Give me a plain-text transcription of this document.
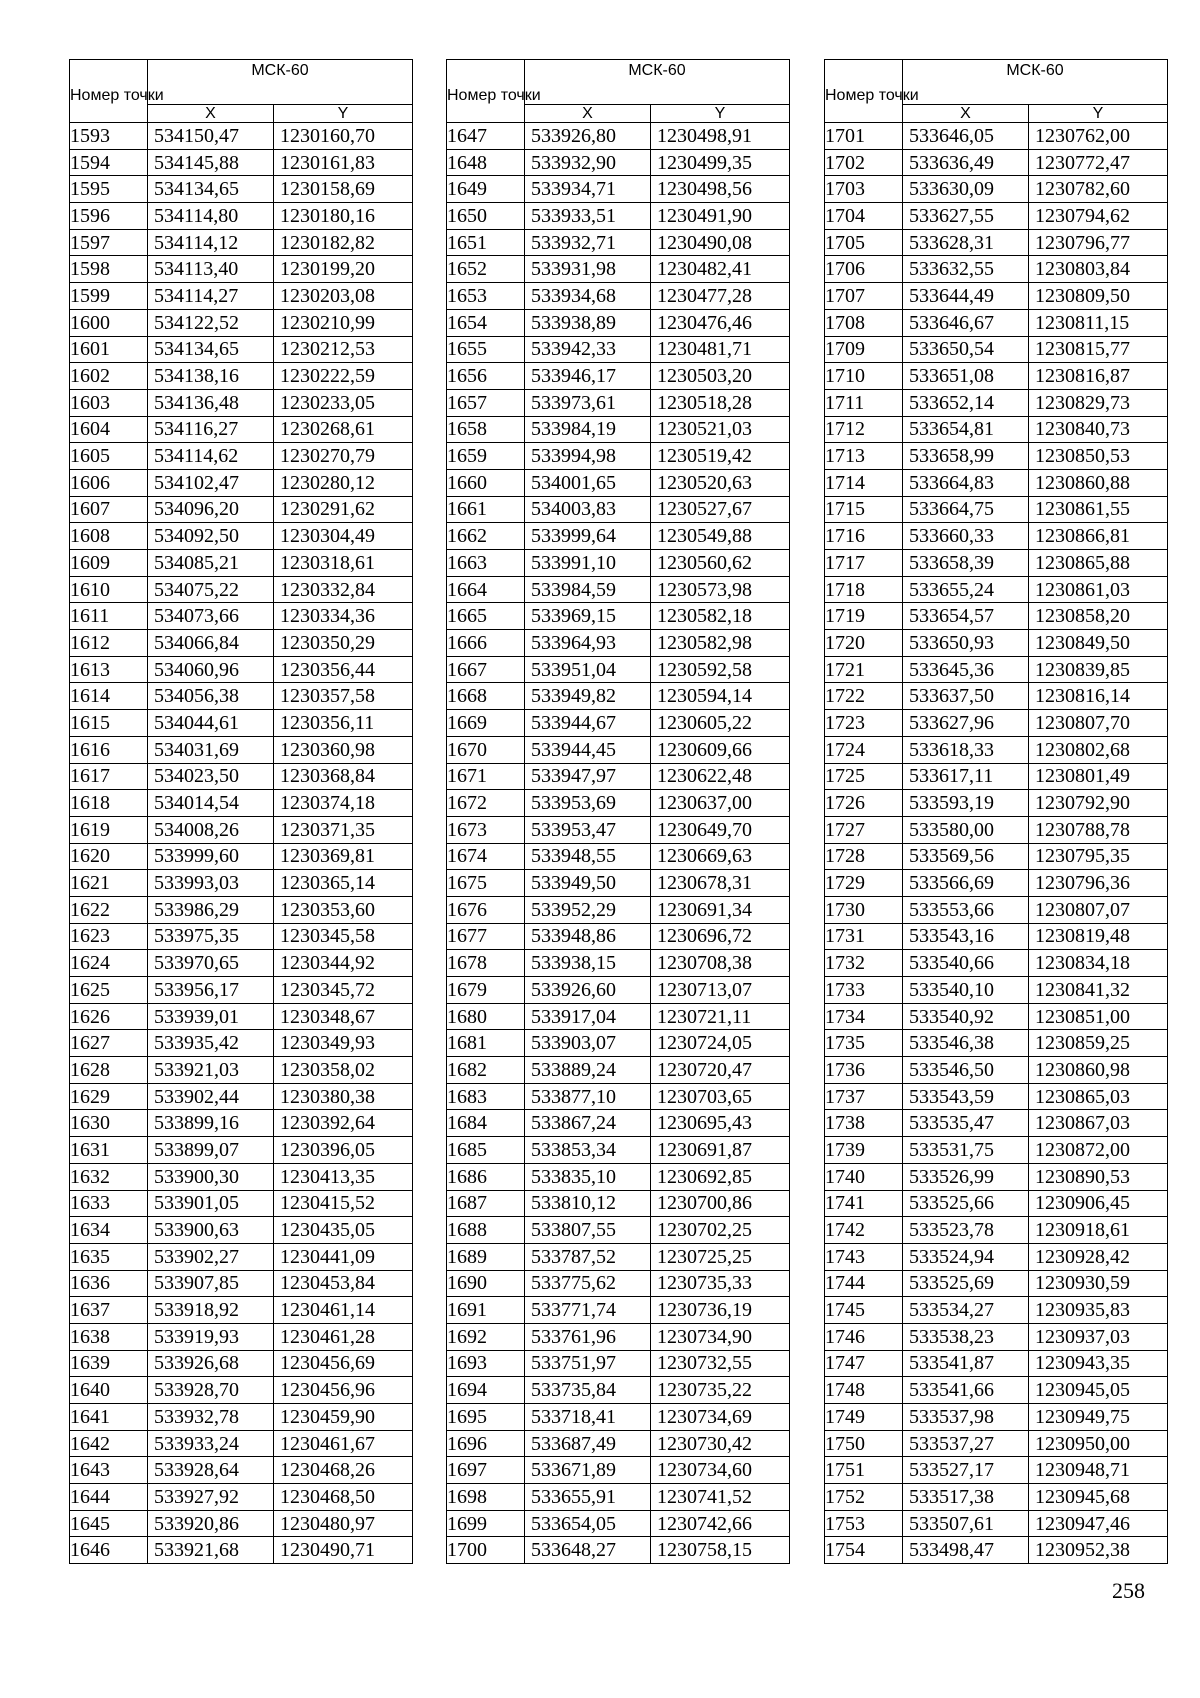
Номер точки	МСК-60	
	X	Y
1593	534150,47	1230160,70
1594	534145,88	1230161,83
1595	534134,65	1230158,69
1596	534114,80	1230180,16
1597	534114,12	1230182,82
1598	534113,40	1230199,20
1599	534114,27	1230203,08
1600	534122,52	1230210,99
1601	534134,65	1230212,53
1602	534138,16	1230222,59
1603	534136,48	1230233,05
1604	534116,27	1230268,61
1605	534114,62	1230270,79
1606	534102,47	1230280,12
1607	534096,20	1230291,62
1608	534092,50	1230304,49
1609	534085,21	1230318,61
1610	534075,22	1230332,84
1611	534073,66	1230334,36
1612	534066,84	1230350,29
1613	534060,96	1230356,44
1614	534056,38	1230357,58
1615	534044,61	1230356,11
1616	534031,69	1230360,98
1617	534023,50	1230368,84
1618	534014,54	1230374,18
1619	534008,26	1230371,35
1620	533999,60	1230369,81
1621	533993,03	1230365,14
1622	533986,29	1230353,60
1623	533975,35	1230345,58
1624	533970,65	1230344,92
1625	533956,17	1230345,72
1626	533939,01	1230348,67
1627	533935,42	1230349,93
1628	533921,03	1230358,02
1629	533902,44	1230380,38
1630	533899,16	1230392,64
1631	533899,07	1230396,05
1632	533900,30	1230413,35
1633	533901,05	1230415,52
1634	533900,63	1230435,05
1635	533902,27	1230441,09
1636	533907,85	1230453,84
1637	533918,92	1230461,14
1638	533919,93	1230461,28
1639	533926,68	1230456,69
1640	533928,70	1230456,96
1641	533932,78	1230459,90
1642	533933,24	1230461,67
1643	533928,64	1230468,26
1644	533927,92	1230468,50
1645	533920,86	1230480,97
1646	533921,68	1230490,71
Номер точки	МСК-60	
	X	Y
1647	533926,80	1230498,91
1648	533932,90	1230499,35
1649	533934,71	1230498,56
1650	533933,51	1230491,90
1651	533932,71	1230490,08
1652	533931,98	1230482,41
1653	533934,68	1230477,28
1654	533938,89	1230476,46
1655	533942,33	1230481,71
1656	533946,17	1230503,20
1657	533973,61	1230518,28
1658	533984,19	1230521,03
1659	533994,98	1230519,42
1660	534001,65	1230520,63
1661	534003,83	1230527,67
1662	533999,64	1230549,88
1663	533991,10	1230560,62
1664	533984,59	1230573,98
1665	533969,15	1230582,18
1666	533964,93	1230582,98
1667	533951,04	1230592,58
1668	533949,82	1230594,14
1669	533944,67	1230605,22
1670	533944,45	1230609,66
1671	533947,97	1230622,48
1672	533953,69	1230637,00
1673	533953,47	1230649,70
1674	533948,55	1230669,63
1675	533949,50	1230678,31
1676	533952,29	1230691,34
1677	533948,86	1230696,72
1678	533938,15	1230708,38
1679	533926,60	1230713,07
1680	533917,04	1230721,11
1681	533903,07	1230724,05
1682	533889,24	1230720,47
1683	533877,10	1230703,65
1684	533867,24	1230695,43
1685	533853,34	1230691,87
1686	533835,10	1230692,85
1687	533810,12	1230700,86
1688	533807,55	1230702,25
1689	533787,52	1230725,25
1690	533775,62	1230735,33
1691	533771,74	1230736,19
1692	533761,96	1230734,90
1693	533751,97	1230732,55
1694	533735,84	1230735,22
1695	533718,41	1230734,69
1696	533687,49	1230730,42
1697	533671,89	1230734,60
1698	533655,91	1230741,52
1699	533654,05	1230742,66
1700	533648,27	1230758,15
Номер точки	МСК-60	
	X	Y
1701	533646,05	1230762,00
1702	533636,49	1230772,47
1703	533630,09	1230782,60
1704	533627,55	1230794,62
1705	533628,31	1230796,77
1706	533632,55	1230803,84
1707	533644,49	1230809,50
1708	533646,67	1230811,15
1709	533650,54	1230815,77
1710	533651,08	1230816,87
1711	533652,14	1230829,73
1712	533654,81	1230840,73
1713	533658,99	1230850,53
1714	533664,83	1230860,88
1715	533664,75	1230861,55
1716	533660,33	1230866,81
1717	533658,39	1230865,88
1718	533655,24	1230861,03
1719	533654,57	1230858,20
1720	533650,93	1230849,50
1721	533645,36	1230839,85
1722	533637,50	1230816,14
1723	533627,96	1230807,70
1724	533618,33	1230802,68
1725	533617,11	1230801,49
1726	533593,19	1230792,90
1727	533580,00	1230788,78
1728	533569,56	1230795,35
1729	533566,69	1230796,36
1730	533553,66	1230807,07
1731	533543,16	1230819,48
1732	533540,66	1230834,18
1733	533540,10	1230841,32
1734	533540,92	1230851,00
1735	533546,38	1230859,25
1736	533546,50	1230860,98
1737	533543,59	1230865,03
1738	533535,47	1230867,03
1739	533531,75	1230872,00
1740	533526,99	1230890,53
1741	533525,66	1230906,45
1742	533523,78	1230918,61
1743	533524,94	1230928,42
1744	533525,69	1230930,59
1745	533534,27	1230935,83
1746	533538,23	1230937,03
1747	533541,87	1230943,35
1748	533541,66	1230945,05
1749	533537,98	1230949,75
1750	533537,27	1230950,00
1751	533527,17	1230948,71
1752	533517,38	1230945,68
1753	533507,61	1230947,46
1754	533498,47	1230952,38
258
